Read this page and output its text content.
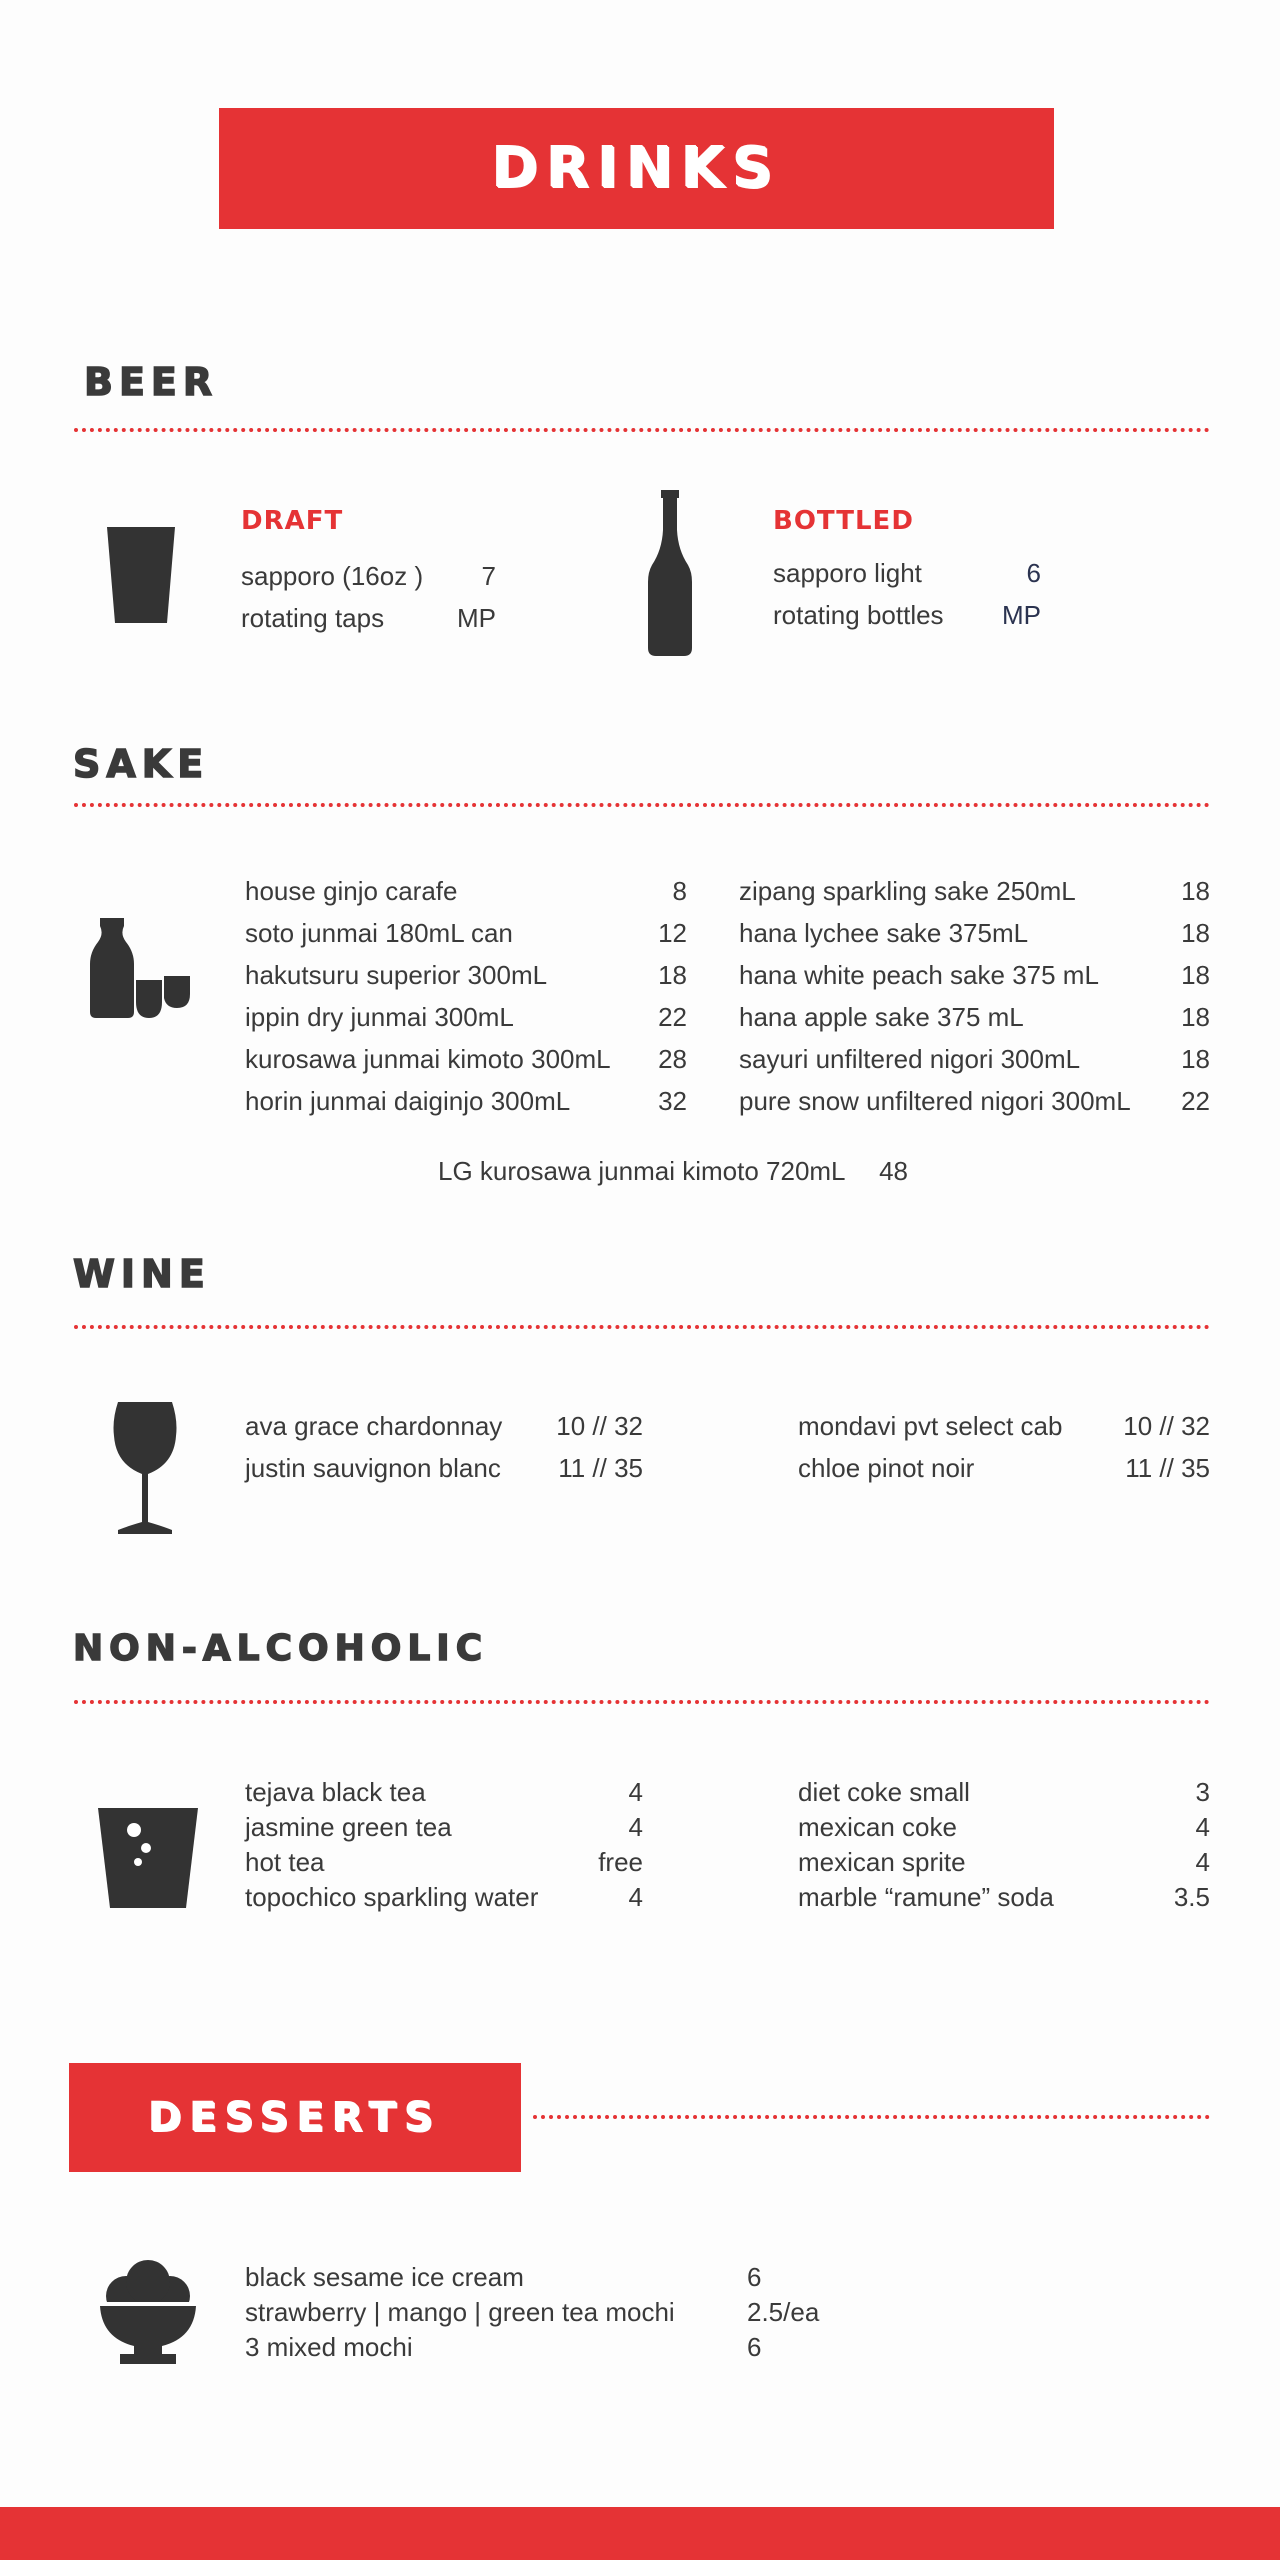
DRINKS
BEER
DRAFT
sapporo (16oz ) 7
rotating taps	MP
BOTTLED
sapporo light	6
rotating bottles MP
SAKE
house ginjo carafe	8
soto junmai 180mL can	12
hakutsuru superior 300mL	18
ippin dry junmai 300mL	22
kurosawa junmai kimoto 300mL 28
horin junmai daiginjo 300mL	32
zipang sparkling sake 250mL	18
hana lychee sake 375mL	18
hana white peach sake 375 mL	18
hana apple sake 375 mL	18
sayuri unfiltered nigori 300mL	18
pure snow unfiltered nigori 300mL 22
LG kurosawa junmai kimoto 720mL 48
WINE
ava grace chardonnay 10 // 32
justin sauvignon blanc 11 // 35
mondavi pvt select cab 10 // 32
chloe pinot noir	11 // 35
NON-ALCOHOLIC
tejava black tea	4
jasmine green tea	4
hot tea	free
topochico sparkling water	4
diet coke small	3
mexican coke	4
mexican sprite	4
marble “ramune” soda	3.5
DESSERTS
black sesame ice cream	6
strawberry | mango | green tea mochi	2.5/ea
3 mixed mochi	6
